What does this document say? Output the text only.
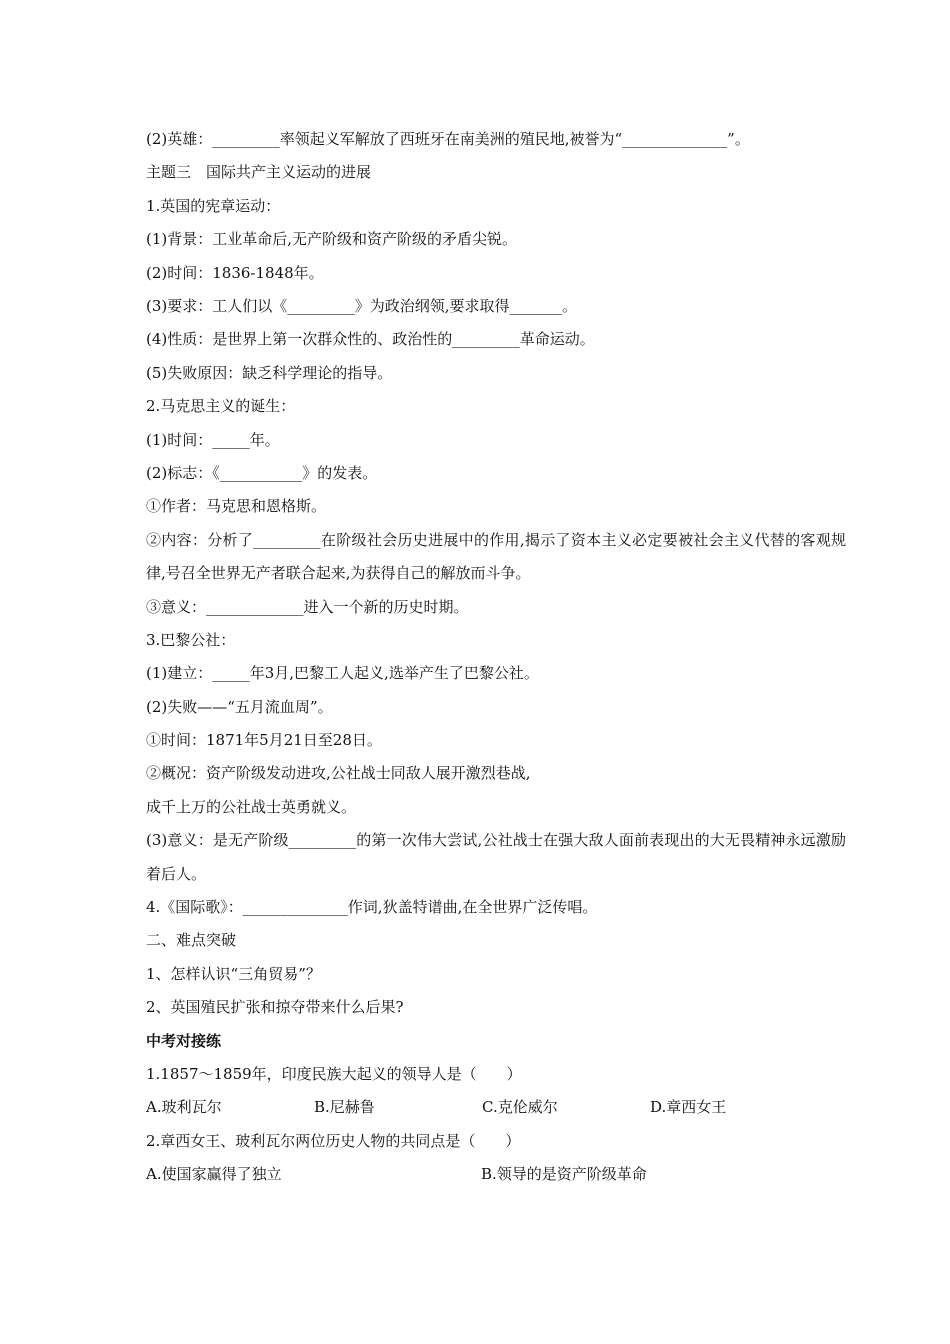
(2)英雄：_________率领起义军解放了西班牙在南美洲的殖民地,被誉为“______________”。
主题三　国际共产主义运动的进展
1.英国的宪章运动：
(1)背景：工业革命后,无产阶级和资产阶级的矛盾尖锐。
(2)时间：1836-1848年。
(3)要求：工人们以《_________》为政治纲领,要求取得_______。
(4)性质：是世界上第一次群众性的、政治性的_________革命运动。
(5)失败原因：缺乏科学理论的指导。
2.马克思主义的诞生：
(1)时间：_____年。
(2)标志：《___________》的发表。
①作者：马克思和恩格斯。
②内容：分析了_________在阶级社会历史进展中的作用,揭示了资本主义必定要被社会主义代替的客观规律,号召全世界无产者联合起来,为获得自己的解放而斗争。
③意义：_____________进入一个新的历史时期。
3.巴黎公社：
(1)建立：_____年3月,巴黎工人起义,选举产生了巴黎公社。
(2)失败——“五月流血周”。
①时间：1871年5月21日至28日。
②概况：资产阶级发动进攻,公社战士同敌人展开激烈巷战,
成千上万的公社战士英勇就义。
(3)意义：是无产阶级_________的第一次伟大尝试,公社战士在强大敌人面前表现出的大无畏精神永远激励着后人。
4.《国际歌》：______________作词,狄盖特谱曲,在全世界广泛传唱。
二、难点突破
1、怎样认识“三角贸易”？
2、英国殖民扩张和掠夺带来什么后果?
中考对接练
1.1857～1859年，印度民族大起义的领导人是（　　）
A.玻利瓦尔	B.尼赫鲁	C.克伦威尔	D.章西女王
2.章西女王、玻利瓦尔两位历史人物的共同点是（　　）
A.使国家赢得了独立	B.领导的是资产阶级革命
